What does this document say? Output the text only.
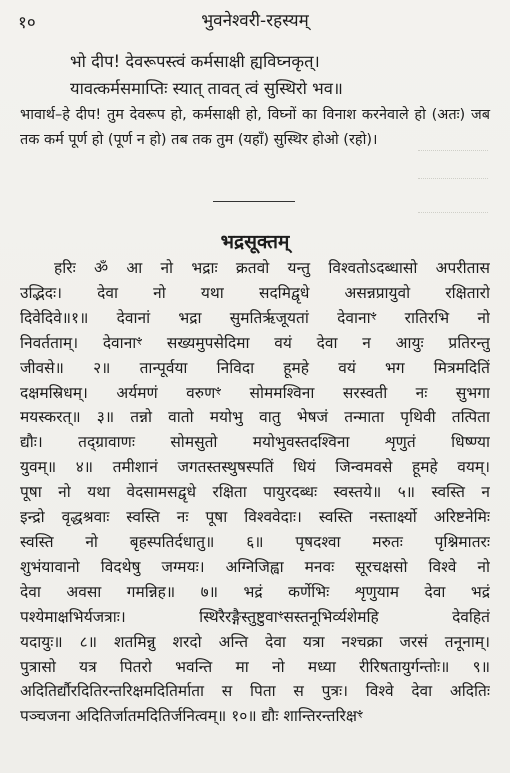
१०	भुवनेश्वरी-रहस्यम्
भो दीप! देवरूपस्त्वं कर्मसाक्षी ह्यविघ्नकृत्।
यावत्कर्मसमाप्तिः स्यात् तावत् त्वं सुस्थिरो भव॥

भावार्थ–हे दीप! तुम देवरूप हो, कर्मसाक्षी हो, विघ्नों का विनाश करनेवाले हो (अतः) जब तक कर्म पूर्ण हो (पूर्ण न हो) तब तक तुम (यहाँ) सुस्थिर होओ (रहो)।

भद्रसूक्तम्
हरिः ॐ आ नो भद्राः क्रतवो यन्तु विश्वतोऽदब्धासो अपरीतास
उद्भिदः। देवा नो यथा सदमिद्वृधे असन्नप्रायुवो रक्षितारो
दिवेदिवे॥१॥ देवानां भद्रा सुमतिर्ऋजूयतां देवानाꣳ रातिरभि नो
निवर्तताम्। देवानाꣳ सख्यमुपसेदिमा वयं देवा न आयुः प्रतिरन्तु
जीवसे॥ २॥ तान्पूर्वया निविदा हूमहे वयं भग मित्रमदितिं
दक्षमस्रिधम्। अर्यमणं वरुणꣳ सोममश्विना सरस्वती नः सुभगा
मयस्करत्॥ ३॥ तन्नो वातो मयोभु वातु भेषजं तन्माता पृथिवी तत्पिता
द्यौः। तद्ग्रावाणः सोमसुतो मयोभुवस्तदश्विना शृणुतं धिष्ण्या
युवम्॥ ४॥ तमीशानं जगतस्तस्थुषस्पतिं धियं जिन्वमवसे हूमहे वयम्।
पूषा नो यथा वेदसामसद्वृधे रक्षिता पायुरदब्धः स्वस्तये॥ ५॥ स्वस्ति न
इन्द्रो वृद्धश्रवाः स्वस्ति नः पूषा विश्ववेदाः। स्वस्ति नस्तार्क्ष्यो अरिष्टनेमिः
स्वस्ति नो बृहस्पतिर्दधातु॥ ६॥ पृषदश्वा मरुतः पृश्निमातरः
शुभंयावानो विदथेषु जग्मयः। अग्निजिह्वा मनवः सूरचक्षसो विश्वे नो
देवा अवसा गमन्निह॥ ७॥ भद्रं कर्णेभिः शृणुयाम देवा भद्रं
पश्येमाक्षभिर्यजत्राः। स्थिरैरङ्गैस्तुष्टुवाꣳसस्तनूभिर्व्यशेमहि देवहितं
यदायुः॥ ८॥ शतमिन्नु शरदो अन्ति देवा यत्रा नश्चक्रा जरसं तनूनाम्।
पुत्रासो यत्र पितरो भवन्ति मा नो मध्या रीरिषतायुर्गन्तोः॥ ९॥
अदितिर्द्यौरदितिरन्तरिक्षमदितिर्माता स पिता स पुत्रः। विश्वे देवा अदितिः
पञ्चजना अदितिर्जातमदितिर्जनित्वम्॥ १०॥ द्यौः शान्तिरन्तरिक्षꣳ
